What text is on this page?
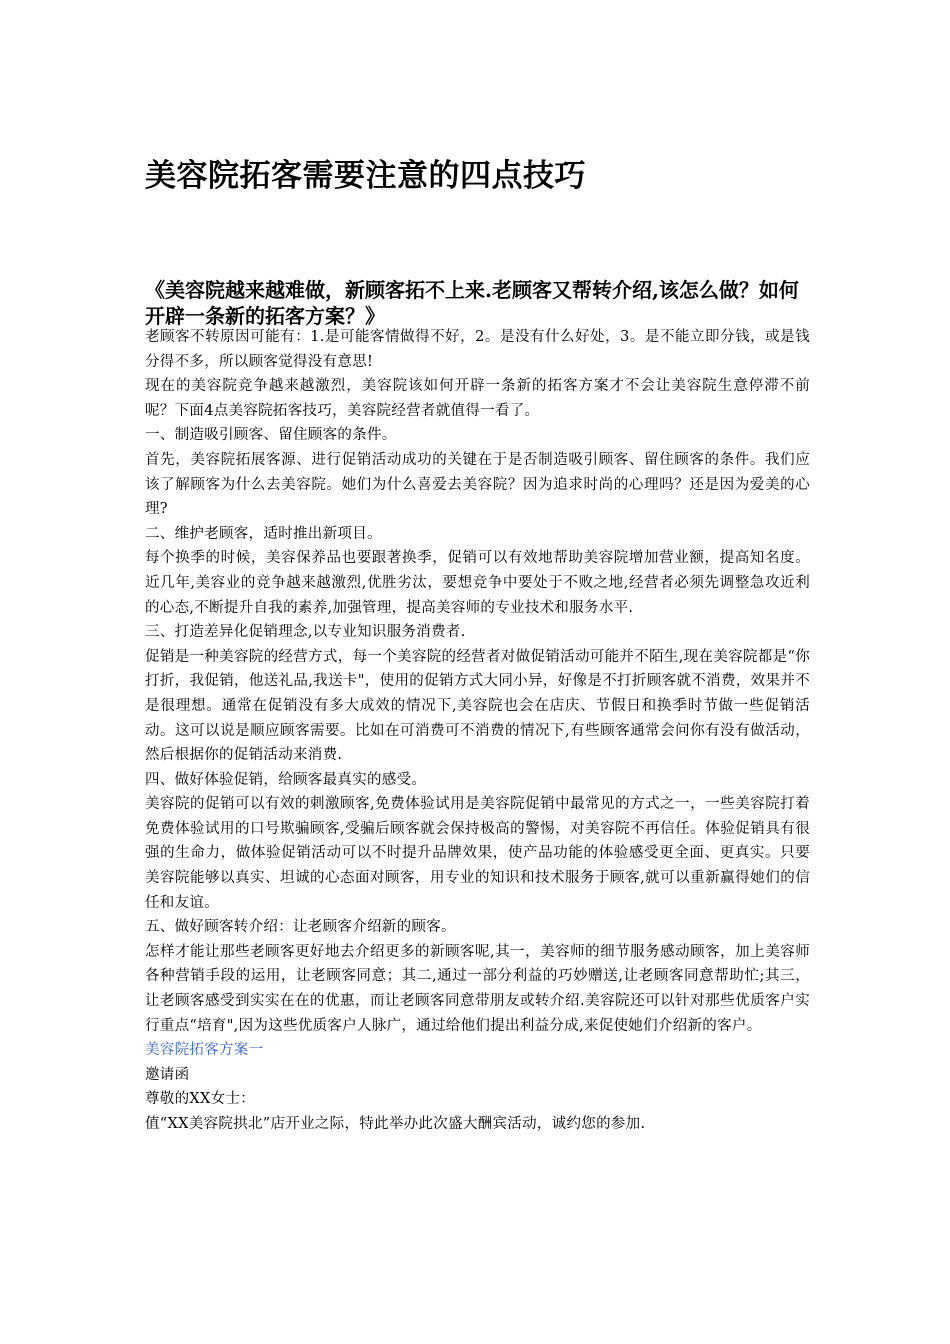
美容院拓客需要注意的四点技巧
《美容院越来越难做，新顾客拓不上来.老顾客又帮转介绍,该怎么做？如何开辟一条新的拓客方案？》

老顾客不转原因可能有：1.是可能客情做得不好，2。是没有什么好处，3。是不能立即分钱，或是钱分得不多，所以顾客觉得没有意思!

现在的美容院竞争越来越激烈，美容院该如何开辟一条新的拓客方案才不会让美容院生意停滞不前呢？下面4点美容院拓客技巧，美容院经营者就值得一看了。

一、制造吸引顾客、留住顾客的条件。

首先，美容院拓展客源、进行促销活动成功的关键在于是否制造吸引顾客、留住顾客的条件。我们应该了解顾客为什么去美容院。她们为什么喜爱去美容院？因为追求时尚的心理吗？还是因为爱美的心理?

二、维护老顾客，适时推出新项目。

每个换季的时候，美容保养品也要跟著换季，促销可以有效地帮助美容院增加营业额，提高知名度。近几年,美容业的竞争越来越激烈,优胜劣汰，要想竞争中要处于不败之地,经营者必须先调整急攻近利的心态,不断提升自我的素养,加强管理，提高美容师的专业技术和服务水平.

三、打造差异化促销理念,以专业知识服务消费者.

促销是一种美容院的经营方式，每一个美容院的经营者对做促销活动可能并不陌生,现在美容院都是“你打折，我促销，他送礼品,我送卡"，使用的促销方式大同小异，好像是不打折顾客就不消费，效果并不是很理想。通常在促销没有多大成效的情况下,美容院也会在店庆、节假日和换季时节做一些促销活动。这可以说是顺应顾客需要。比如在可消费可不消费的情况下,有些顾客通常会问你有没有做活动，然后根据你的促销活动来消费.

四、做好体验促销，给顾客最真实的感受。

美容院的促销可以有效的刺激顾客,免费体验试用是美容院促销中最常见的方式之一，一些美容院打着免费体验试用的口号欺骗顾客,受骗后顾客就会保持极高的警惕，对美容院不再信任。体验促销具有很强的生命力，做体验促销活动可以不时提升品牌效果，使产品功能的体验感受更全面、更真实。只要美容院能够以真实、坦诚的心态面对顾客，用专业的知识和技术服务于顾客,就可以重新赢得她们的信任和友谊。

五、做好顾客转介绍：让老顾客介绍新的顾客。

怎样才能让那些老顾客更好地去介绍更多的新顾客呢,其一，美容师的细节服务感动顾客，加上美容师各种营销手段的运用，让老顾客同意；其二,通过一部分利益的巧妙赠送,让老顾客同意帮助忙;其三，让老顾客感受到实实在在的优惠，而让老顾客同意带朋友或转介绍.美容院还可以针对那些优质客户实行重点“培育",因为这些优质客户人脉广，通过给他们提出利益分成,来促使她们介绍新的客户。

美容院拓客方案一

邀请函

尊敬的XX女士：

值“XX美容院拱北”店开业之际，特此举办此次盛大酬宾活动，诚约您的参加.
